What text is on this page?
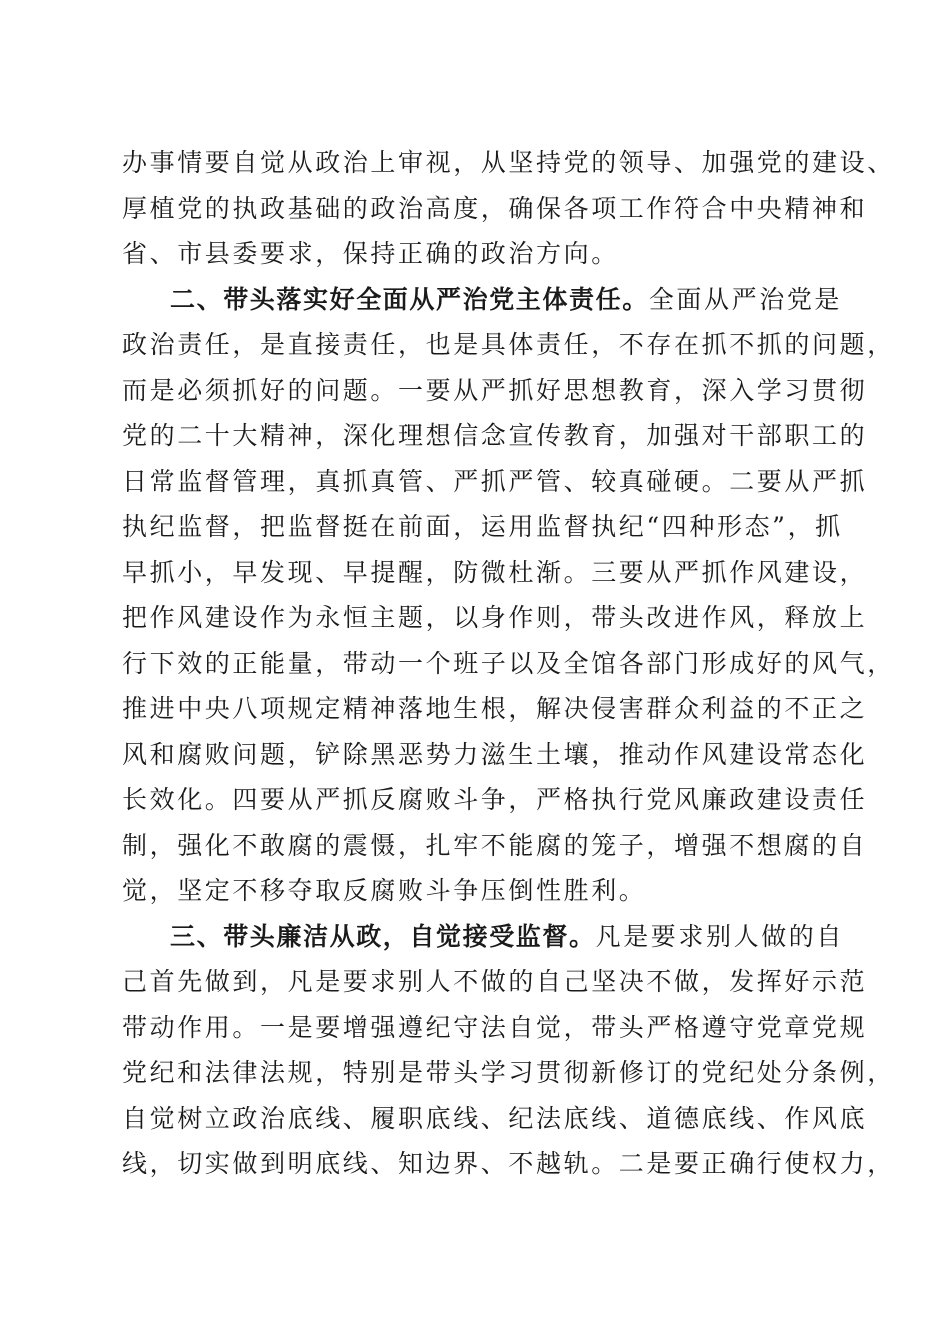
办事情要自觉从政治上审视，从坚持党的领导、加强党的建设、
厚植党的执政基础的政治高度，确保各项工作符合中央精神和
省、市县委要求，保持正确的政治方向。
二、带头落实好全面从严治党主体责任。全面从严治党是
政治责任，是直接责任，也是具体责任，不存在抓不抓的问题，
而是必须抓好的问题。一要从严抓好思想教育，深入学习贯彻
党的二十大精神，深化理想信念宣传教育，加强对干部职工的
日常监督管理，真抓真管、严抓严管、较真碰硬。二要从严抓
执纪监督，把监督挺在前面，运用监督执纪“四种形态”，抓
早抓小，早发现、早提醒，防微杜渐。三要从严抓作风建设，
把作风建设作为永恒主题，以身作则，带头改进作风，释放上
行下效的正能量，带动一个班子以及全馆各部门形成好的风气，
推进中央八项规定精神落地生根，解决侵害群众利益的不正之
风和腐败问题，铲除黑恶势力滋生土壤，推动作风建设常态化
长效化。四要从严抓反腐败斗争，严格执行党风廉政建设责任
制，强化不敢腐的震慑，扎牢不能腐的笼子，增强不想腐的自
觉，坚定不移夺取反腐败斗争压倒性胜利。
三、带头廉洁从政，自觉接受监督。凡是要求别人做的自
己首先做到，凡是要求别人不做的自己坚决不做，发挥好示范
带动作用。一是要增强遵纪守法自觉，带头严格遵守党章党规
党纪和法律法规，特别是带头学习贯彻新修订的党纪处分条例，
自觉树立政治底线、履职底线、纪法底线、道德底线、作风底
线，切实做到明底线、知边界、不越轨。二是要正确行使权力，
